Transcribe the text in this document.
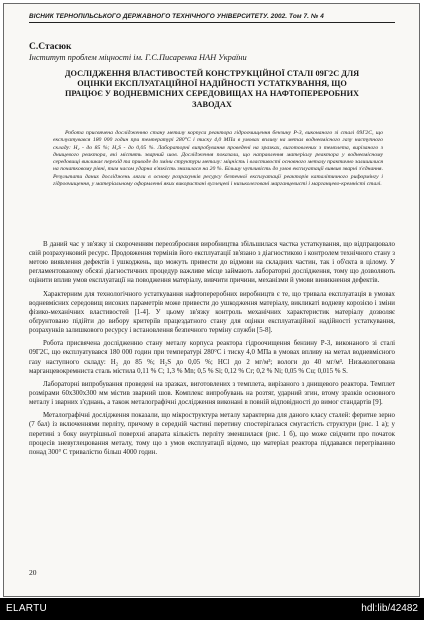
ВІСНИК ТЕРНОПІЛЬСЬКОГО ДЕРЖАВНОГО ТЕХНІЧНОГО УНІВЕРСИТЕТУ. 2002. Том 7. № 4
С.Стасюк
Інститут проблем міцності ім. Г.С.Писаренка НАН України
ДОСЛІДЖЕННЯ ВЛАСТИВОСТЕЙ КОНСТРУКЦІЙНОЇ СТАЛІ 09Г2С ДЛЯ ОЦІНКИ ЕКСПЛУАТАЦІЙНОЇ НАДІЙНОСТІ УСТАТКУВАННЯ, ЩО ПРАЦЮЄ У ВОДНЕВМІСНИХ СЕРЕДОВИЩАХ НА НАФТОПЕРЕРОБНИХ ЗАВОДАХ
Робота присвячена дослідженню стану металу корпуса реактора гідроочищення бензину Р-3, виконаного зі сталі 09Г2С, що експлуатувався 180 000 годин при температурі 280°С і тиску 4,0 МПа в умовах впливу на метал водневмісного газу наступного складу: H₂ - до 85 %; H₂S - до 0,05 %. Лабораторні випробування проведені на зразках, виготовлених з темплета, вирізаного з днищевого реактора, які містять зварний шов. Дослідження показали, що направлення матеріалу реактора у водневмісному середовищі викликає перехід та приводе до зміни структури металу: міцність і властивості основного металу практично залишилися на початковому рівні, тим часом ударна в'язкість знизилася на 20 %. Більшу чутливість до умов експлуатації виявив зварні з'єднання. Результати даних досліджень лягли в основу розрахунків ресурсу безпечної експлуатації реакторів каталітичного риформінгу і гідроочищення, у матеріальному оформленні яких використані вуглецеві і низьколеговані марганцевисті і марганцево-кремністі сталі.

В даний час у зв'язку зі скороченням переозброєння виробництва збільшилася частка устаткування, що відпрацювало свій розрахунковий ресурс. Продовження термінів його експлуатації зв'язано з діагностикою і контролем технічного стану з метою виявлення дефектів і ушкоджень, що можуть привести до відмови на складних частин, так і об'єкта в цілому. У регламентованому обсязі діагностичних процедур важливе місце займають лабораторні дослідження, тому що дозволяють оцінити вплив умов експлуатації на поводження матеріалу, вивчити причини, механізми й умови виникнення дефектів.

Характерним для технологічного устаткування нафтопереробних виробництв є те, що тривала експлуатація в умовах водневмісних середовищ високих параметрів може привести до ушкодження матеріалу, викликаті водневу корозією і зміни фізико-механічних властивостей [1-4]. У цьому зв'язку контроль механічних характеристик матеріалу дозволяє обґрунтовано підійти до вибору критеріїв працездатного стану для оцінки експлуатаційної надійності устаткування, розрахунків залишкового ресурсу і встановлення безпечного терміну служби [5-8].

Робота присвячена дослідженню стану металу корпуса реактора гідроочищення бензину Р-3, виконаного зі сталі 09Г2С, що експлуатувався 180 000 годин при температурі 280°С і тиску 4,0 МПа в умовах впливу на метал водневмісного газу наступного складу: H₂ до 85 %; H₂S до 0,05 %; HCl до 2 мг/м³; вологи до 40 мг/м³. Низьколегована марганцевокремниста сталь містила 0,11 % С; 1,3 % Mn; 0,5 % Si; 0,12 % Cr; 0,2 % Ni; 0,05 % Cu; 0,015 % S.

Лабораторні випробування проведені на зразках, виготовлених з темплета, вирізаного з днищевого реактора. Темплет розмірами 60х300х300 мм містив зварний шов. Комплекс випробувань на розтяг, ударний згин, втому зразків основного металу і зварних з'єднань, а також металографічні дослідження виконані в повній відповідності до вимог стандартів [9].

Металографічні дослідження показали, що мікроструктура металу характерна для даного класу сталей: феритне зерно (7 бал) із включеннями перліту, причому в середній частині перетину спостерігалася смугастість структури (рис. 1 а); у перетині з боку внутрішньої поверхні апарата кількість перліту зменшилася (рис. 1 б), що може свідчити про початок процесів зневуглецювання металу, тому що з умов експлуатації відомо, що матеріал реактора піддавався перегріванню понад 300° С тривалістю більш 4000 годин.

20
ELARTU	hdl:lib/42482
